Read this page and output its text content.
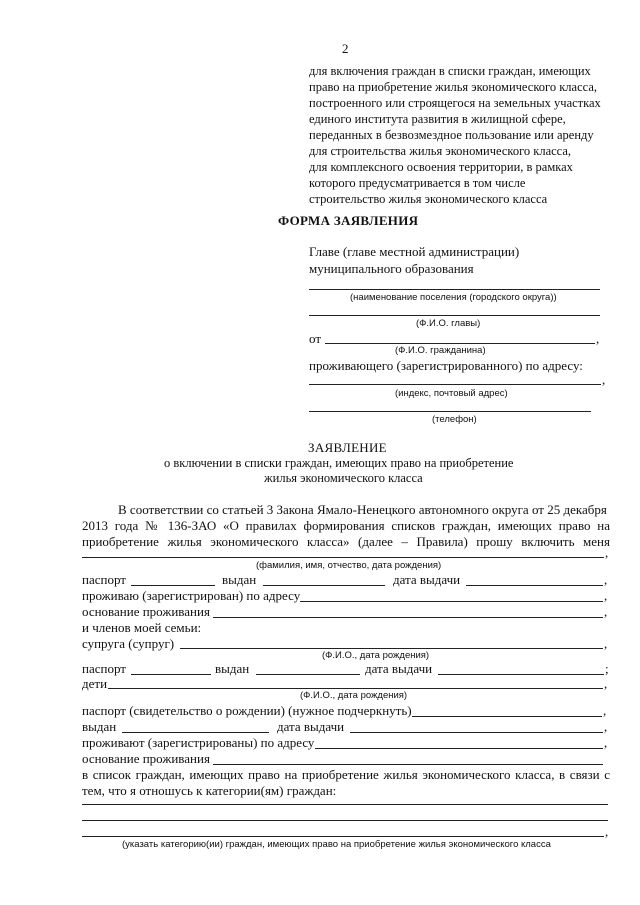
2
для включения граждан в списки граждан, имеющих
право на приобретение жилья экономического класса,
построенного или строящегося на земельных участках
единого института развития в жилищной сфере,
переданных в безвозмездное пользование или аренду
для строительства жилья экономического класса,
для комплексного освоения территории, в рамках
которого предусматривается в том числе
строительство жилья экономического класса
ФОРМА ЗАЯВЛЕНИЯ
Главе (главе местной администрации)
муниципального образования
(наименование поселения (городского округа))
(Ф.И.О. главы)
от	,
(Ф.И.О. гражданина)
проживающего (зарегистрированного) по адресу:
,
(индекс, почтовый адрес)
(телефон)
ЗАЯВЛЕНИЕ
о включении в списки граждан, имеющих право на приобретение
жилья экономического класса
В соответствии со статьей 3 Закона Ямало-Ненецкого автономного округа от 25 декабря
2013 года № 136-ЗАО «О правилах формирования списков граждан, имеющих право на
приобретение жилья экономического класса» (далее – Правила) прошу включить меня
,
(фамилия, имя, отчество, дата рождения)
паспорт	выдан	дата выдачи	,
проживаю (зарегистрирован) по адресу	,
основание проживания	,
и членов моей семьи:
супруга (супруг)	,
(Ф.И.О., дата рождения)
паспорт	выдан	дата выдачи	;
дети	,
(Ф.И.О., дата рождения)
паспорт (свидетельство о рождении) (нужное подчеркнуть)	,
выдан	дата выдачи	,
проживают (зарегистрированы) по адресу	,
основание проживания
в список граждан, имеющих право на приобретение жилья экономического класса, в связи с
тем, что я отношусь к категории(ям) граждан:
,
(указать категорию(ии) граждан, имеющих право на приобретение жилья экономического класса
